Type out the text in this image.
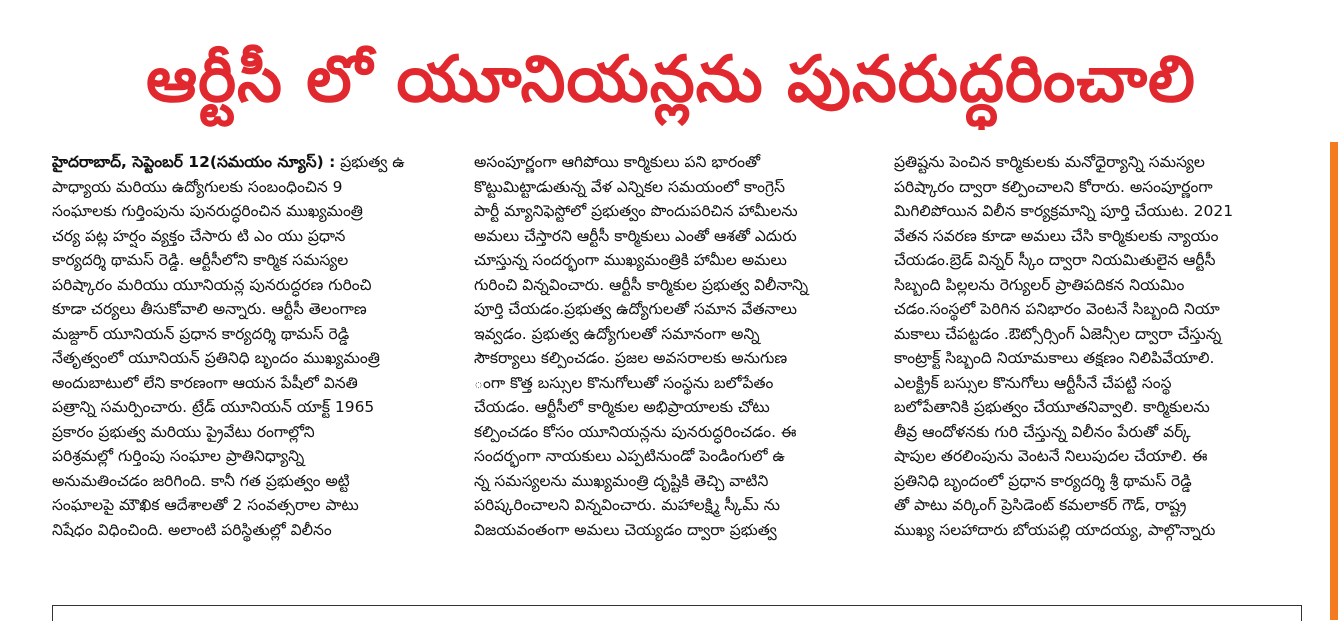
ఆర్టీసీ లో యూనియన్లను పునరుద్ధరించాలి
హైదరాబాద్, సెప్టెంబర్ 12(సమయం న్యూస్) : ప్రభుత్వ ఉ
పాధ్యాయ మరియు ఉద్యోగులకు సంబంధించిన 9
సంఘాలకు గుర్తింపును పునరుద్ధరించిన ముఖ్యమంత్రి
చర్య పట్ల హర్షం వ్యక్తం చేసారు టి ఎం యు ప్రధాన
కార్యదర్శి థామస్ రెడ్డి. ఆర్టీసీలోని కార్మిక సమస్యల
పరిష్కారం మరియు యూనియన్ల పునరుద్ధరణ గురించి
కూడా చర్యలు తీసుకోవాలి అన్నారు. ఆర్టీసీ తెలంగాణ
మజ్దూర్ యూనియన్ ప్రధాన కార్యదర్శి థామస్ రెడ్డి
నేతృత్వంలో యూనియన్ ప్రతినిధి బృందం ముఖ్యమంత్రి
అందుబాటులో లేని కారణంగా ఆయన పేషీలో వినతి
పత్రాన్ని సమర్పించారు. ట్రేడ్ యూనియన్ యాక్ట్ 1965
ప్రకారం ప్రభుత్వ మరియు ప్రైవేటు రంగాల్లోని
పరిశ్రమల్లో గుర్తింపు సంఘాల ప్రాతినిధ్యాన్ని
అనుమతించడం జరిగింది. కానీ గత ప్రభుత్వం అట్టి
సంఘాలపై మౌఖిక ఆదేశాలతో 2 సంవత్సరాల పాటు
నిషేధం విధించింది. అలాంటి పరిస్థితుల్లో విలీనం
అసంపూర్ణంగా ఆగిపోయి కార్మికులు పని భారంతో
కొట్టుమిట్టాడుతున్న వేళ ఎన్నికల సమయంలో కాంగ్రెస్
పార్టీ మ్యానిఫెస్టోలో ప్రభుత్వం పొందుపరిచిన హామీలను
అమలు చేస్తారని ఆర్టీసీ కార్మికులు ఎంతో ఆశతో ఎదురు
చూస్తున్న సందర్భంగా ముఖ్యమంత్రికి హామీల అమలు
గురించి విన్నవించారు. ఆర్టీసీ కార్మికుల ప్రభుత్వ విలీనాన్ని
పూర్తి చేయడం.ప్రభుత్వ ఉద్యోగులతో సమాన వేతనాలు
ఇవ్వడం. ప్రభుత్వ ఉద్యోగులతో సమానంగా అన్ని
సౌకర్యాలు కల్పించడం. ప్రజల అవసరాలకు అనుగుణ
ంగా కొత్త బస్సుల కొనుగోలుతో సంస్థను బలోపేతం
చేయడం. ఆర్టీసీలో కార్మికుల అభిప్రాయాలకు చోటు
కల్పించడం కోసం యూనియన్లను పునరుద్ధరించడం. ఈ
సందర్భంగా నాయకులు ఎప్పటినుండో పెండింగులో ఉ
న్న సమస్యలను ముఖ్యమంత్రి దృష్టికి తెచ్చి వాటిని
పరిష్కరించాలని విన్నవించారు. మహాలక్ష్మి స్కీమ్ ను
విజయవంతంగా అమలు చెయ్యడం ద్వారా ప్రభుత్వ
ప్రతిష్టను పెంచిన కార్మికులకు మనోధైర్యాన్ని సమస్యల
పరిష్కారం ద్వారా కల్పించాలని కోరారు. అసంపూర్ణంగా
మిగిలిపోయిన విలీన కార్యక్రమాన్ని పూర్తి చేయుట. 2021
వేతన సవరణ కూడా అమలు చేసి కార్మికులకు న్యాయం
చేయడం.బ్రెడ్ విన్నర్ స్కీం ద్వారా నియమితులైన ఆర్టీసీ
సిబ్బంది పిల్లలను రెగ్యులర్ ప్రాతిపదికన నియమిం
చడం.సంస్థలో పెరిగిన పనిభారం వెంటనే సిబ్బంది నియా
మకాలు చేపట్టడం .ఔట్సోర్సింగ్ ఏజెన్సీల ద్వారా చేస్తున్న
కాంట్రాక్ట్ సిబ్బంది నియామకాలు తక్షణం నిలిపివేయాలి.
ఎలక్ట్రిక్ బస్సుల కొనుగోలు ఆర్టీసీనే చేపట్టి సంస్థ
బలోపేతానికి ప్రభుత్వం చేయూతనివ్వాలి. కార్మికులను
తీవ్ర ఆందోళనకు గురి చేస్తున్న విలీనం పేరుతో వర్క్
షాపుల తరలింపును వెంటనే నిలుపుదల చేయాలి. ఈ
ప్రతినిధి బృందంలో ప్రధాన కార్యదర్శి శ్రీ థామస్ రెడ్డి
తో పాటు వర్కింగ్ ప్రెసిడెంట్ కమలాకర్ గౌడ్, రాష్ట్ర
ముఖ్య సలహాదారు బోయపల్లి యాదయ్య, పాల్గొన్నారు
